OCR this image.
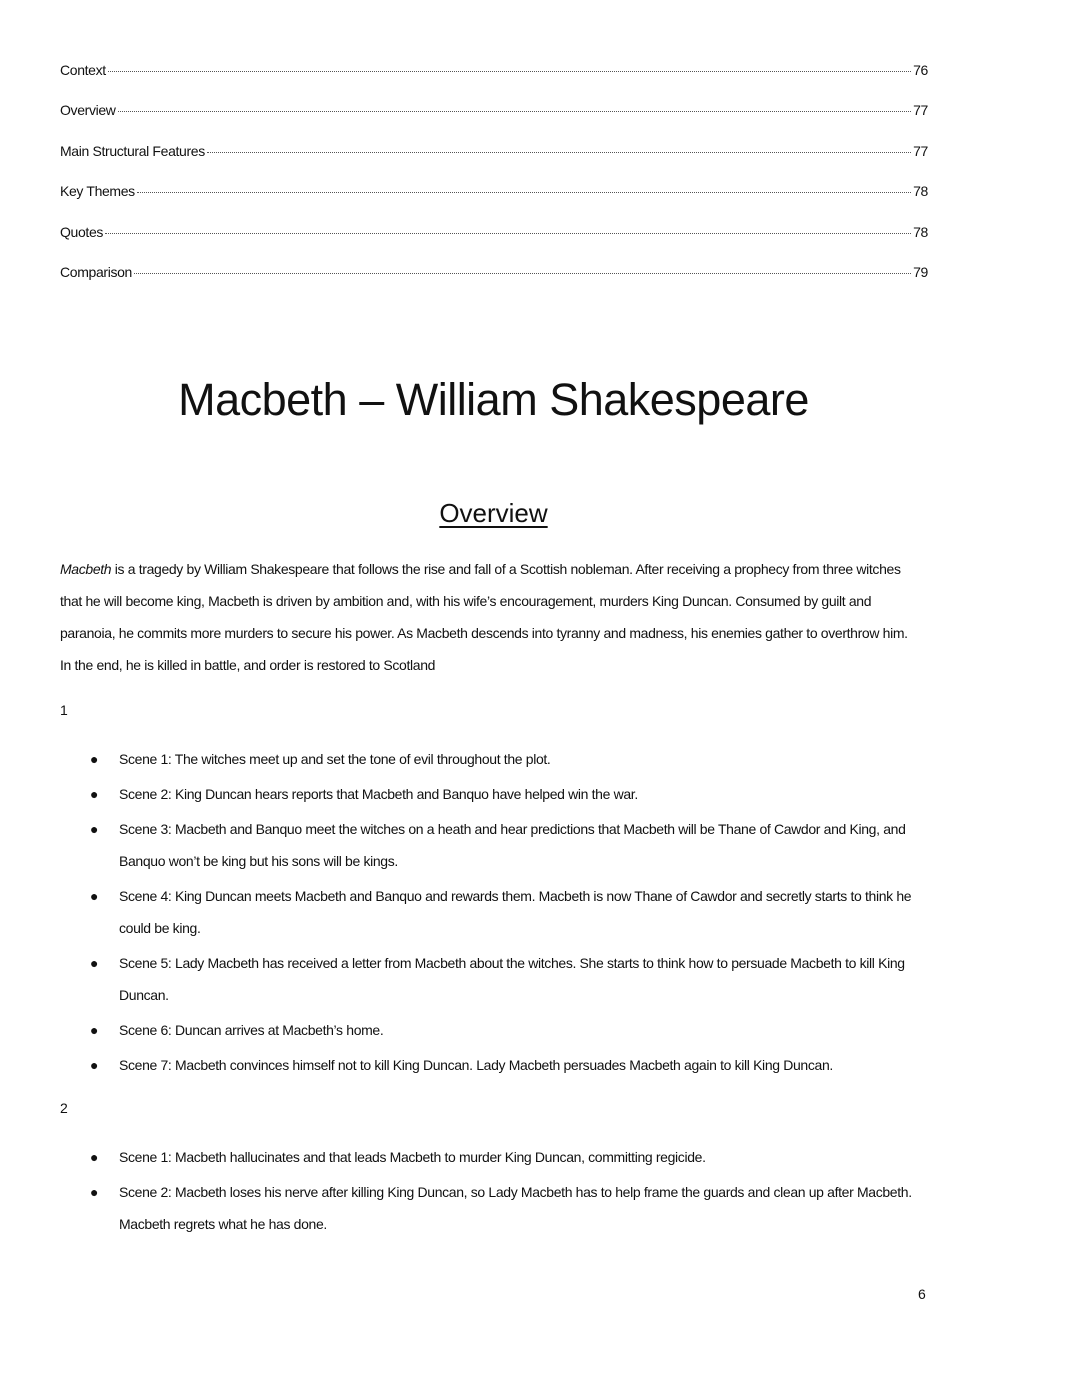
Context	76
Overview	77
Main Structural Features	77
Key Themes	78
Quotes	78
Comparison	79
Macbeth – William Shakespeare
Overview

Macbeth is a tragedy by William Shakespeare that follows the rise and fall of a Scottish nobleman. After receiving a prophecy from three witches that he will become king, Macbeth is driven by ambition and, with his wife’s encouragement, murders King Duncan. Consumed by guilt and paranoia, he commits more murders to secure his power. As Macbeth descends into tyranny and madness, his enemies gather to overthrow him. In the end, he is killed in battle, and order is restored to Scotland

1
● Scene 1: The witches meet up and set the tone of evil throughout the plot.
● Scene 2: King Duncan hears reports that Macbeth and Banquo have helped win the war.
● Scene 3: Macbeth and Banquo meet the witches on a heath and hear predictions that Macbeth will be Thane of Cawdor and King, and Banquo won’t be king but his sons will be kings.
● Scene 4: King Duncan meets Macbeth and Banquo and rewards them. Macbeth is now Thane of Cawdor and secretly starts to think he could be king.
● Scene 5: Lady Macbeth has received a letter from Macbeth about the witches. She starts to think how to persuade Macbeth to kill King Duncan.
● Scene 6: Duncan arrives at Macbeth’s home.
● Scene 7: Macbeth convinces himself not to kill King Duncan. Lady Macbeth persuades Macbeth again to kill King Duncan.
2
● Scene 1: Macbeth hallucinates and that leads Macbeth to murder King Duncan, committing regicide.
● Scene 2: Macbeth loses his nerve after killing King Duncan, so Lady Macbeth has to help frame the guards and clean up after Macbeth. Macbeth regrets what he has done.
6
